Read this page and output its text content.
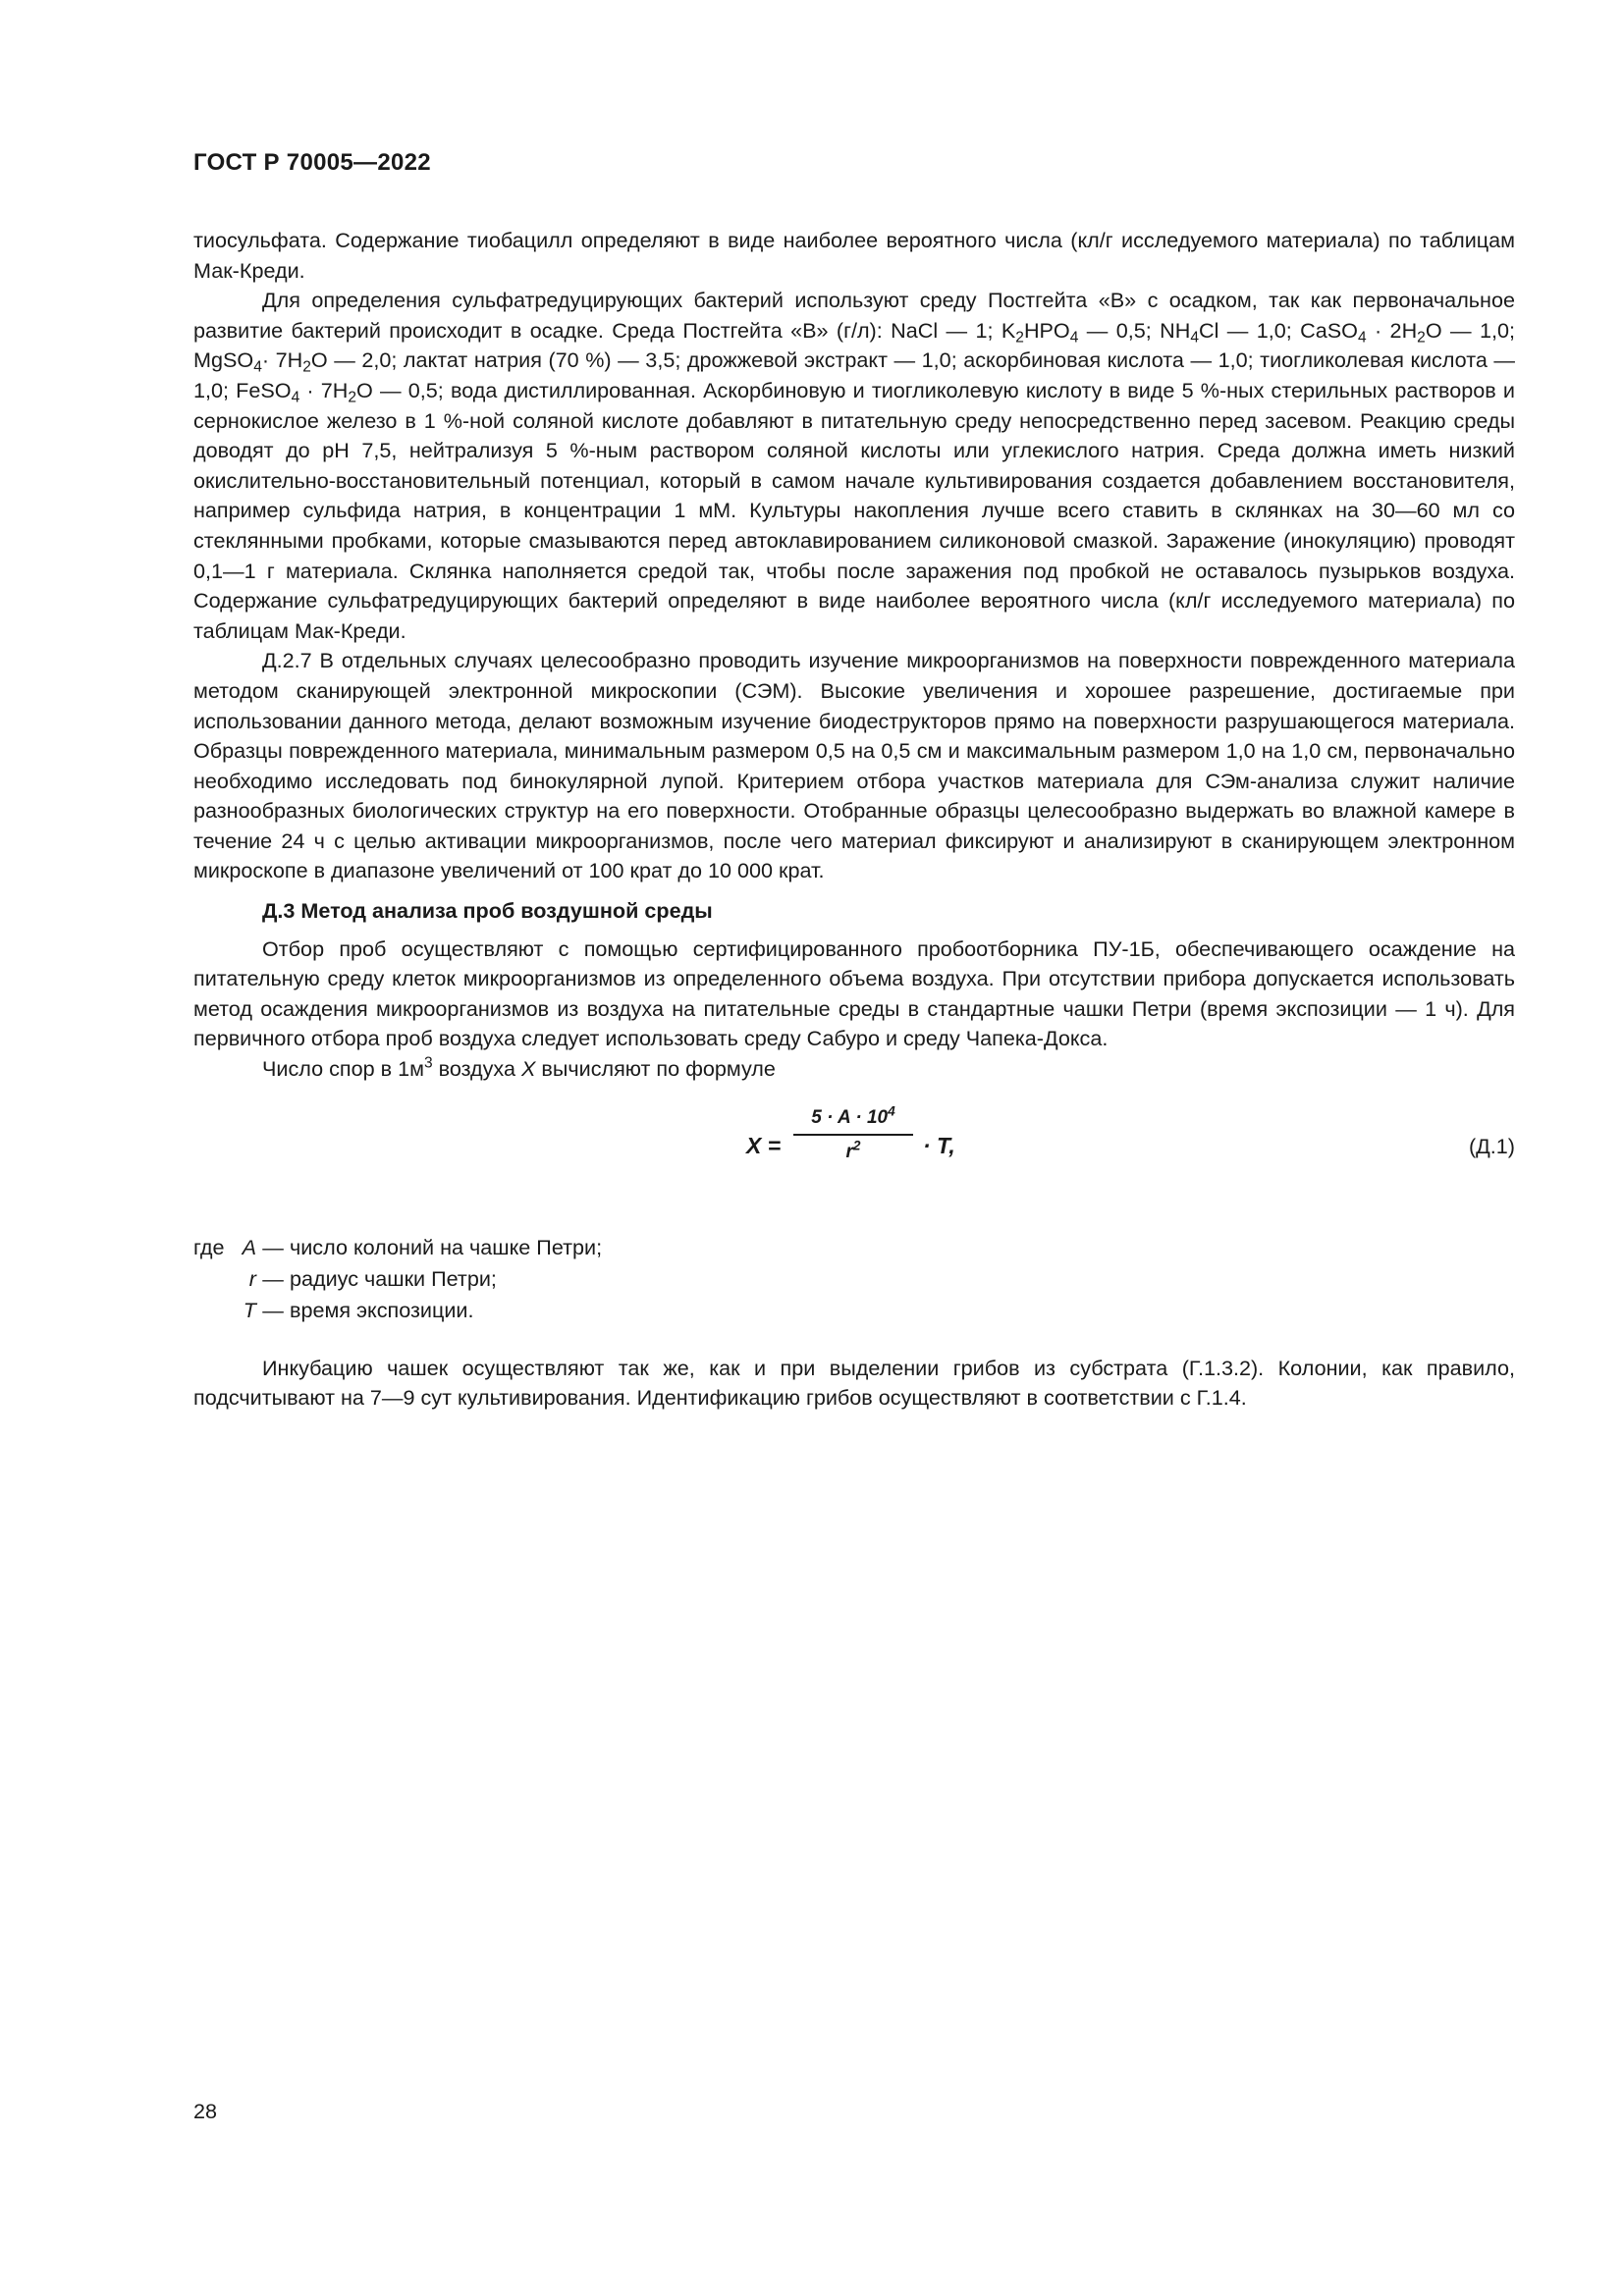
ГОСТ Р 70005—2022

тиосульфата. Содержание тиобацилл определяют в виде наиболее вероятного числа (кл/г исследуемого материала) по таблицам Мак-Креди.

Для определения сульфатредуцирующих бактерий используют среду Постгейта «В» с осадком, так как первоначальное развитие бактерий происходит в осадке. Среда Постгейта «В» (г/л): NaCl — 1; $K_2HPO_4$ — 0,5; $NH_4Cl$ — 1,0; CaSO$_4$ · $2H_2O$ — 1,0; MgSO$_4$· $7H_2O$ — 2,0; лактат натрия (70 %) — 3,5; дрожжевой экстракт — 1,0; аскорбиновая кислота — 1,0; тиогликолевая кислота — 1,0; FeSO$_4$ · $7H_2O$ — 0,5; вода дистиллированная. Аскорбиновую и тиогликолевую кислоту в виде 5 %-ных стерильных растворов и сернокислое железо в 1 %-ной соляной кислоте добавляют в питательную среду непосредственно перед засевом. Реакцию среды доводят до рН 7,5, нейтрализуя 5 %-ным раствором соляной кислоты или углекислого натрия. Среда должна иметь низкий окислительно-восстановительный потенциал, который в самом начале культивирования создается добавлением восстановителя, например сульфида натрия, в концентрации 1 мМ. Культуры накопления лучше всего ставить в склянках на 30—60 мл со стеклянными пробками, которые смазываются перед автоклавированием силиконовой смазкой. Заражение (инокуляцию) проводят 0,1—1 г материала. Склянка наполняется средой так, чтобы после заражения под пробкой не оставалось пузырьков воздуха. Содержание сульфатредуцирующих бактерий определяют в виде наиболее вероятного числа (кл/г исследуемого материала) по таблицам Мак-Креди.

Д.2.7 В отдельных случаях целесообразно проводить изучение микроорганизмов на поверхности поврежденного материала методом сканирующей электронной микроскопии (СЭМ). Высокие увеличения и хорошее разрешение, достигаемые при использовании данного метода, делают возможным изучение биодеструкторов прямо на поверхности разрушающегося материала. Образцы поврежденного материала, минимальным размером 0,5 на 0,5 см и максимальным размером 1,0 на 1,0 см, первоначально необходимо исследовать под бинокулярной лупой. Критерием отбора участков материала для СЭм-анализа служит наличие разнообразных биологических структур на его поверхности. Отобранные образцы целесообразно выдержать во влажной камере в течение 24 ч с целью активации микроорганизмов, после чего материал фиксируют и анализируют в сканирующем электронном микроскопе в диапазоне увеличений от 100 крат до 10 000 крат.

Д.3 Метод анализа проб воздушной среды

Отбор проб осуществляют с помощью сертифицированного пробоотборника ПУ-1Б, обеспечивающего осаждение на питательную среду клеток микроорганизмов из определенного объема воздуха. При отсутствии прибора допускается использовать метод осаждения микроорганизмов из воздуха на питательные среды в стандартные чашки Петри (время экспозиции — 1 ч). Для первичного отбора проб воздуха следует использовать среду Сабуро и среду Чапека-Докса.

Число спор в $1м^3$ воздуха X вычисляют по формуле

X =
$5 \cdot A \cdot 10^4$
$r^2$	· T,	(Д.1)
где A — число колоний на чашке Петри;
r — радиус чашки Петри;
T — время экспозиции.

Инкубацию чашек осуществляют так же, как и при выделении грибов из субстрата (Г.1.3.2). Колонии, как правило, подсчитывают на 7—9 сут культивирования. Идентификацию грибов осуществляют в соответствии с Г.1.4.

28
